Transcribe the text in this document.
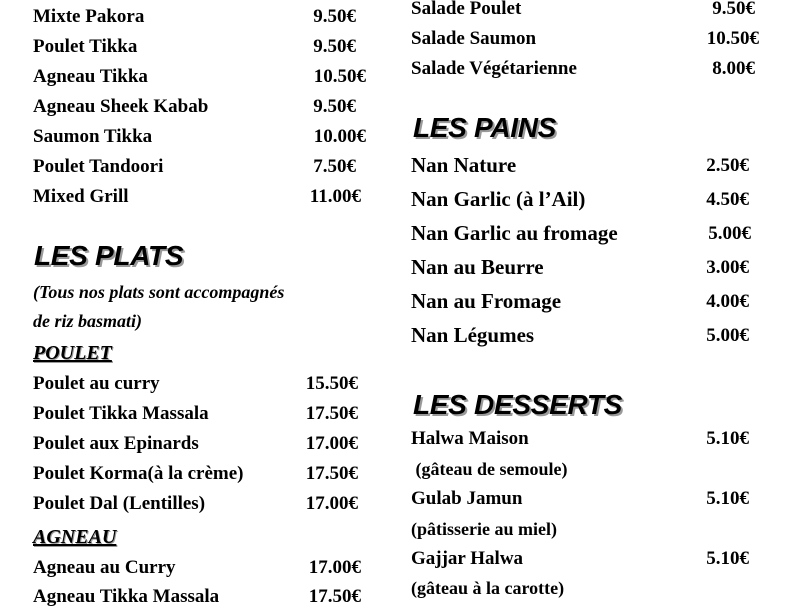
Mixte Pakora	9.50€
Poulet Tikka	9.50€
Agneau Tikka	10.50€
Agneau Sheek Kabab	9.50€
Saumon Tikka	10.00€
Poulet Tandoori	7.50€
Mixed Grill	11.00€
LES PLATS
(Tous nos plats sont accompagnés
de riz basmati)
POULET
Poulet au curry	15.50€
Poulet Tikka Massala	17.50€
Poulet aux Epinards	17.00€
Poulet Korma(à la crème)	17.50€
Poulet Dal (Lentilles)	17.00€
AGNEAU
Agneau au Curry	17.00€
Agneau Tikka Massala	17.50€
Salade Poulet	9.50€
Salade Saumon	10.50€
Salade Végétarienne	8.00€
LES PAINS
Nan Nature	2.50€
Nan Garlic (à l’Ail)	4.50€
Nan Garlic au fromage	5.00€
Nan au Beurre	3.00€
Nan au Fromage	4.00€
Nan Légumes	5.00€
LES DESSERTS
Halwa Maison	5.10€
(gâteau de semoule)
Gulab Jamun	5.10€
(pâtisserie au miel)
Gajjar Halwa	5.10€
(gâteau à la carotte)
